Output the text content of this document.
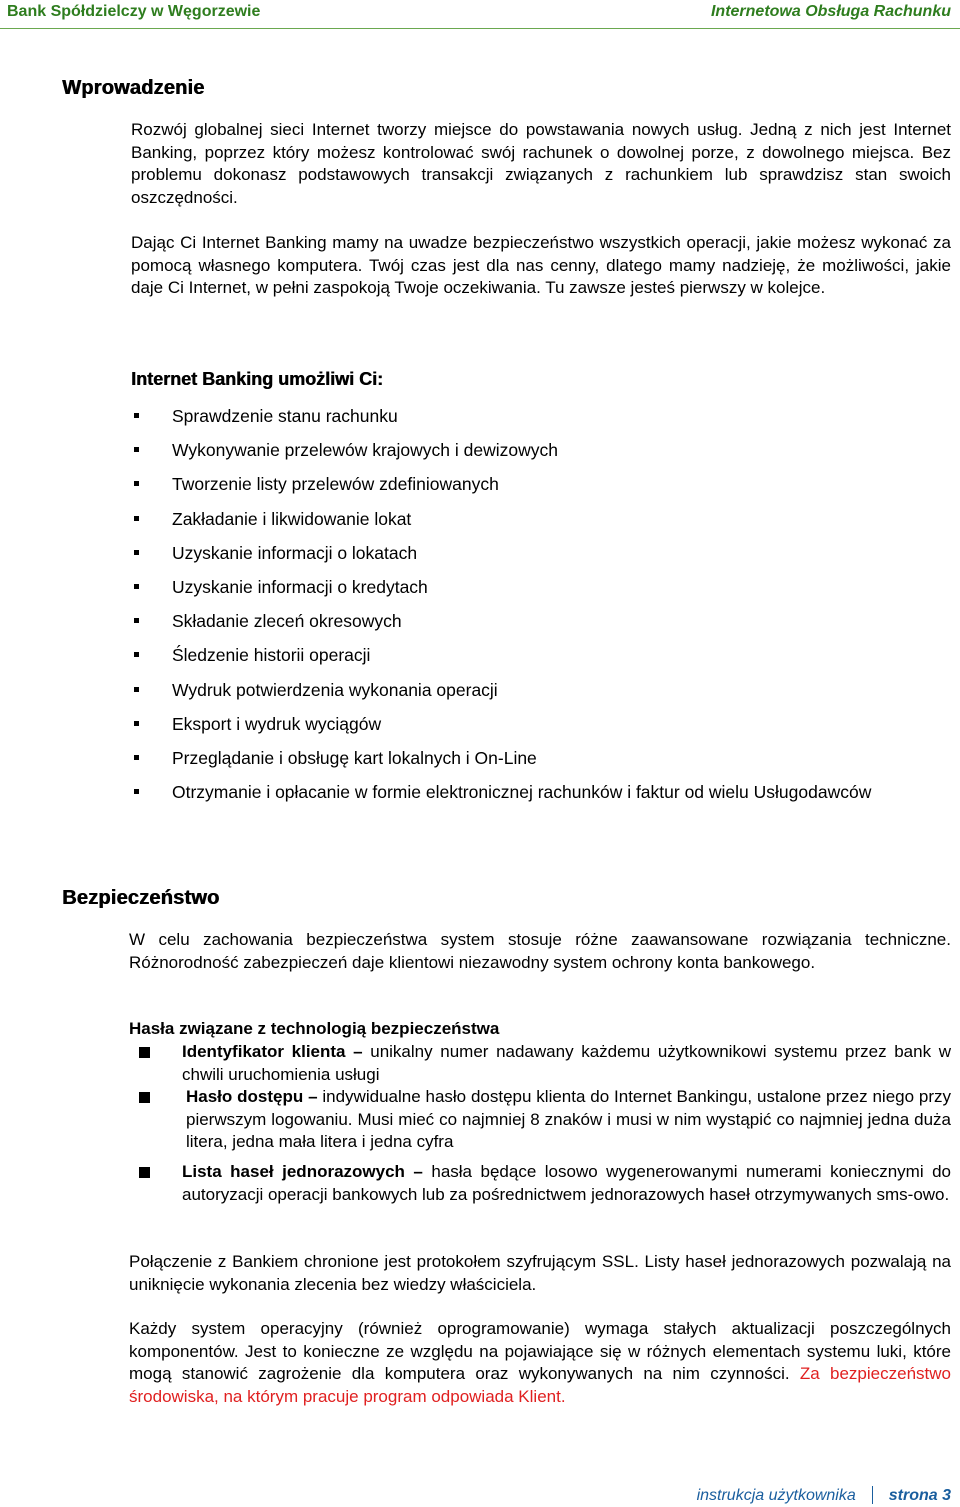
Bank Spółdzielczy w Węgorzewie	Internetowa Obsługa Rachunku
Wprowadzenie
Rozwój globalnej sieci Internet tworzy miejsce do powstawania nowych usług. Jedną z nich jest Internet Banking, poprzez który możesz kontrolować swój rachunek o dowolnej porze, z dowolnego miejsca. Bez problemu dokonasz podstawowych transakcji związanych z rachunkiem lub sprawdzisz stan swoich oszczędności.
Dając Ci Internet Banking mamy na uwadze bezpieczeństwo wszystkich operacji, jakie możesz wykonać za pomocą własnego komputera. Twój czas jest dla nas cenny, dlatego mamy nadzieję, że możliwości, jakie daje Ci Internet, w pełni zaspokoją Twoje oczekiwania. Tu zawsze jesteś pierwszy w kolejce.
Internet Banking umożliwi Ci:
Sprawdzenie stanu rachunku
Wykonywanie przelewów krajowych i dewizowych
Tworzenie listy przelewów zdefiniowanych
Zakładanie i likwidowanie lokat
Uzyskanie informacji o lokatach
Uzyskanie informacji o kredytach
Składanie zleceń okresowych
Śledzenie historii operacji
Wydruk potwierdzenia wykonania operacji
Eksport i wydruk wyciągów
Przeglądanie i obsługę kart lokalnych i On-Line
Otrzymanie i opłacanie w formie elektronicznej rachunków i faktur od wielu Usługodawców
Bezpieczeństwo
W celu zachowania bezpieczeństwa system stosuje różne zaawansowane rozwiązania techniczne. Różnorodność zabezpieczeń daje klientowi niezawodny system ochrony konta bankowego.
Hasła związane z technologią bezpieczeństwa
Identyfikator klienta – unikalny numer nadawany każdemu użytkownikowi systemu przez bank w chwili uruchomienia usługi
Hasło dostępu – indywidualne hasło dostępu klienta do Internet Bankingu, ustalone przez niego przy pierwszym logowaniu. Musi mieć co najmniej 8 znaków i musi w nim wystąpić co najmniej jedna duża litera, jedna mała litera i jedna cyfra
Lista haseł jednorazowych – hasła będące losowo wygenerowanymi numerami koniecznymi do autoryzacji operacji bankowych lub za pośrednictwem jednorazowych haseł otrzymywanych sms-owo.
Połączenie z Bankiem chronione jest protokołem szyfrującym SSL. Listy haseł jednorazowych pozwalają na uniknięcie wykonania zlecenia bez wiedzy właściciela.
Każdy system operacyjny (również oprogramowanie) wymaga stałych aktualizacji poszczególnych komponentów. Jest to konieczne ze względu na pojawiające się w różnych elementach systemu luki, które mogą stanowić zagrożenie dla komputera oraz wykonywanych na nim czynności. Za bezpieczeństwo środowiska, na którym pracuje program odpowiada Klient.
instrukcja użytkownika strona 3
